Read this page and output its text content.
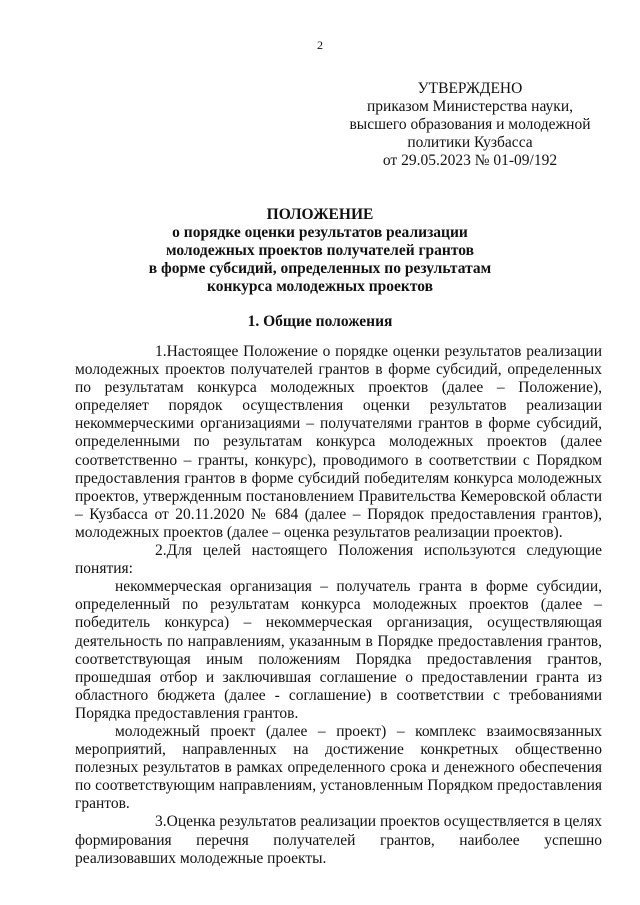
2
УТВЕРЖДЕНО
приказом Министерства науки,
высшего образования и молодежной
политики Кузбасса
от 29.05.2023 № 01-09/192
ПОЛОЖЕНИЕ
о порядке оценки результатов реализации
молодежных проектов получателей грантов
в форме субсидий, определенных по результатам
конкурса молодежных проектов
1. Общие положения

1.Настоящее Положение о порядке оценки результатов реализации молодежных проектов получателей грантов в форме субсидий, определенных по результатам конкурса молодежных проектов (далее – Положение), определяет порядок осуществления оценки результатов реализации некоммерческими организациями – получателями грантов в форме субсидий, определенными по результатам конкурса молодежных проектов (далее соответственно – гранты, конкурс), проводимого в соответствии с Порядком предоставления грантов в форме субсидий победителям конкурса молодежных проектов, утвержденным постановлением Правительства Кемеровской области – Кузбасса от 20.11.2020 № 684 (далее – Порядок предоставления грантов), молодежных проектов (далее – оценка результатов реализации проектов).

2.Для целей настоящего Положения используются следующие понятия:

некоммерческая организация – получатель гранта в форме субсидии, определенный по результатам конкурса молодежных проектов (далее – победитель конкурса) – некоммерческая организация, осуществляющая деятельность по направлениям, указанным в Порядке предоставления грантов, соответствующая иным положениям Порядка предоставления грантов, прошедшая отбор и заключившая соглашение о предоставлении гранта из областного бюджета (далее - соглашение) в соответствии с требованиями Порядка предоставления грантов.

молодежный проект (далее – проект) – комплекс взаимосвязанных мероприятий, направленных на достижение конкретных общественно полезных результатов в рамках определенного срока и денежного обеспечения по соответствующим направлениям, установленным Порядком предоставления грантов.

3.Оценка результатов реализации проектов осуществляется в целях формирования перечня получателей грантов, наиболее успешно реализовавших молодежные проекты.
